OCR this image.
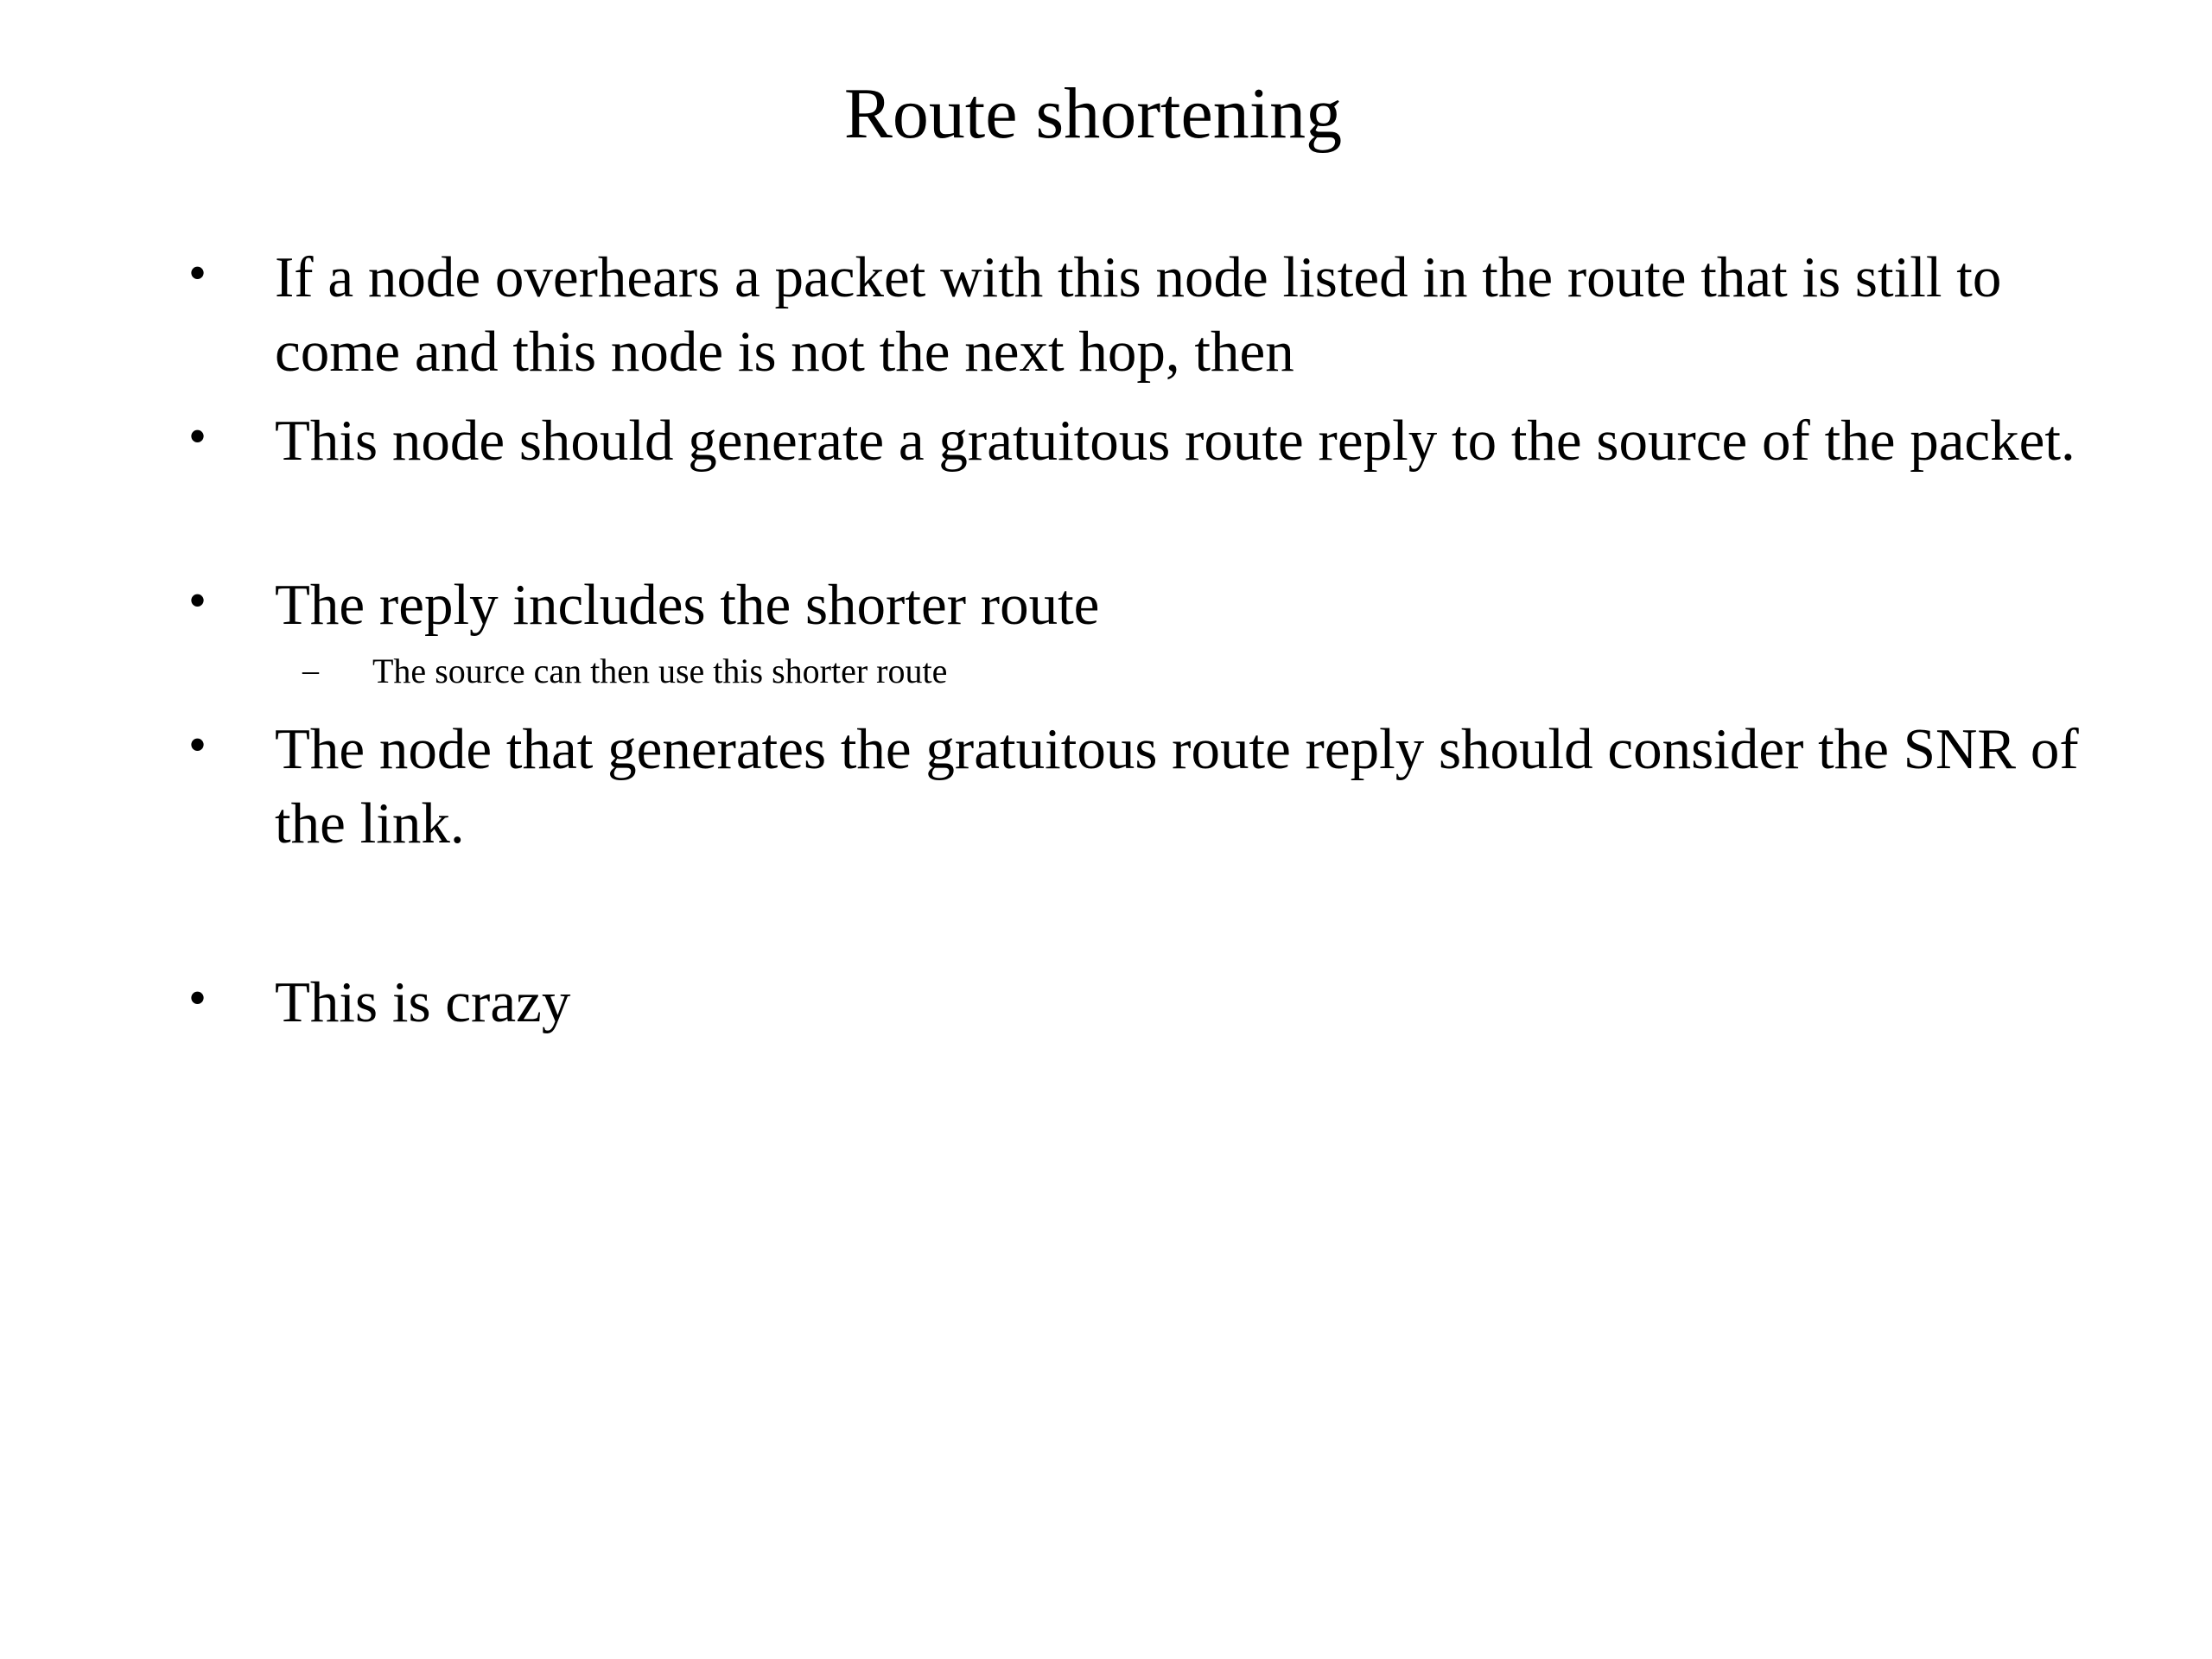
Route shortening
• If a node overhears a packet with this node listed in the route that is still to come and this node is not the next hop, then
• This node should generate a gratuitous route reply to the source of the packet.
• The reply includes the shorter route
– The source can then use this shorter route
• The node that generates the gratuitous route reply should consider the SNR of the link.
• This is crazy
